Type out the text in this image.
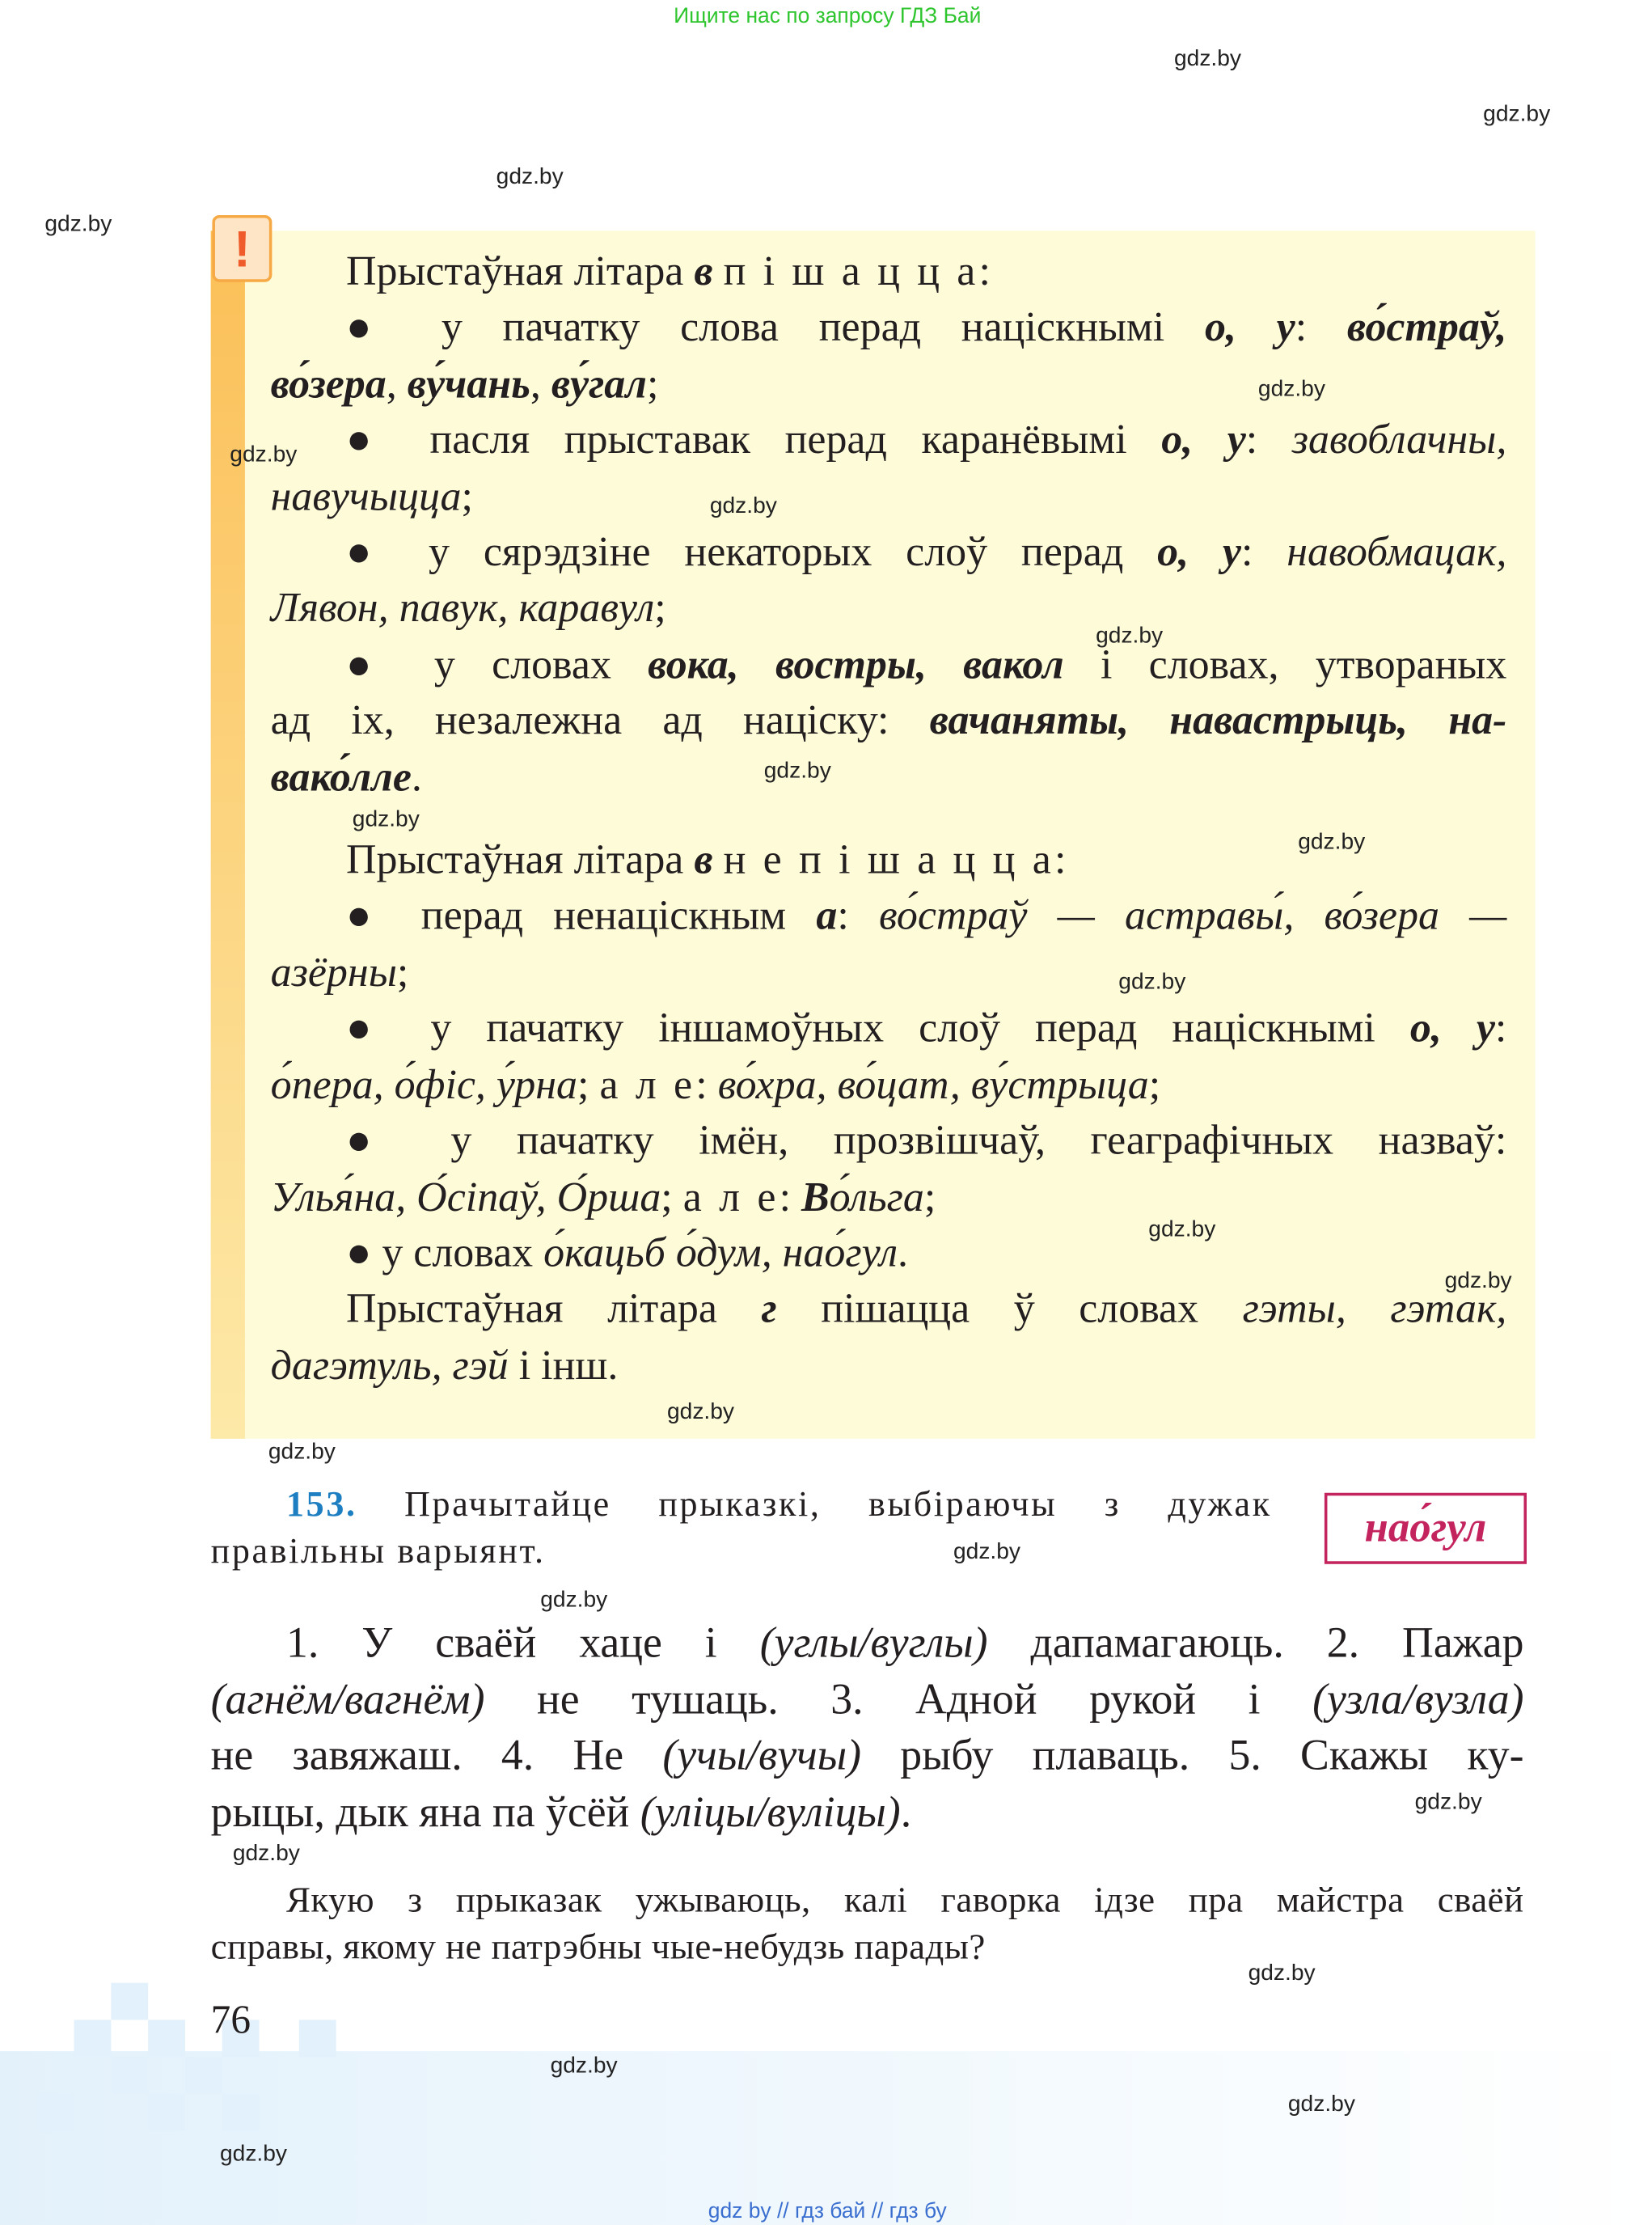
Ищите нас по запросу ГДЗ Бай
!	Прыстаўная літара в п і ш а ц ц а:
● у пачатку слова перад націскнымі о, у: во́страў,
во́зера, ву́чань, ву́гал;
● пасля прыставак перад каранёвымі о, у: завоблачны,
навучыцца;
● у сярэдзіне некаторых слоў перад о, у: навобмацак,
Лявон, павук, каравул;
● у словах вока, востры, вакол і словах, утвораных
ад іх, незалежна ад націску: вачаняты, навастрыць, на-
вако́лле.
Прыстаўная літара в н е п і ш а ц ц а:
● перад ненацiскным а: во́страў — астравы́, во́зера —
азёрны;
● у пачатку іншамоўных слоў перад націскнымі о, у:
о́пера, о́фіс, у́рна; а л е: во́хра, во́цат, ву́стрыца;
● у пачатку імён, прозвішчаў, геаграфічных назваў:
Улья́на, О́сіпаў, О́рша; а л е: Во́льга;
● у словах о́кацьб о́дум, нао́гул.
Прыстаўная літара г пішацца ў словах гэты, гэтак,
дагэтуль, гэй і інш.
153. Прачытайце прыказкі, выбіраючы з дужак
правільны варыянт.
нао́гул
1. У сваёй хаце і (углы/вуглы) дапамагаюць. 2. Пажар
(агнём/вагнём) не тушаць. 3. Адной рукой і (узла/вузла)
не завяжаш. 4. Не (учы/вучы) рыбу плаваць. 5. Скажы ку-
рыцы, дык яна па ўсёй (уліцы/вуліцы).
Якую з прыказак ужываюць, калі гаворка ідзе пра майстра сваёй
справы, якому не патрэбны чые-небудзь парады?
76
gdz by // гдз бай // гдз бу
gdz.by
gdz.by
gdz.by
gdz.by
gdz.by
gdz.by
gdz.by
gdz.by
gdz.by
gdz.by
gdz.by
gdz.by
gdz.by
gdz.by
gdz.by
gdz.by
gdz.by
gdz.by
gdz.by
gdz.by
gdz.by
gdz.by
gdz.by
gdz.by
